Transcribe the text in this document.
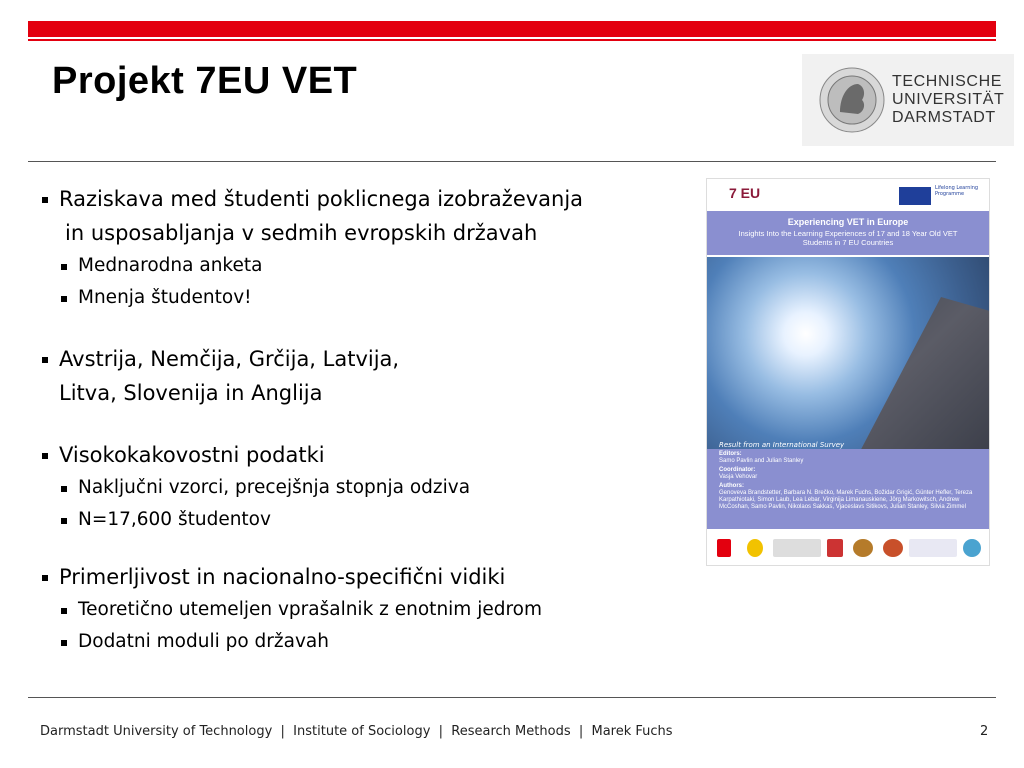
Projekt 7EU VET	TECHNISCHE
UNIVERSITÄT
DARMSTADT
Raziskava med študenti poklicnega izobraževanja
in usposabljanja v sedmih evropskih državah
Mednarodna anketa
Mnenja študentov!
Avstrija, Nemčija, Grčija, Latvija,
Litva, Slovenija in Anglija
Visokokakovostni podatki
Naključni vzorci, precejšnja stopnja odziva
N=17,600 študentov
Primerljivost in nacionalno-specifični vidiki
Teoretično utemeljen vprašalnik z enotnim jedrom
Dodatni moduli po državah
7 EU	Lifelong Learning Programme
Experiencing VET in Europe
Insights Into the Learning Experiences of 17 and 18 Year Old VET Students in 7 EU Countries
Result from an International Survey
Editors:
Samo Pavlin and Julian Stanley
Coordinator:
Vasja Vehovar
Authors:
Genoveva Brandstetter, Barbara N. Brečko, Marek Fuchs, Božidar Grigić, Günter Hefler, Tereza Karpathiotaki, Simon Laub, Lea Lebar, Virginija Limanauskiene, Jörg Markowitsch, Andrew McCoshan, Samo Pavlin, Nikolaos Sakkas, Vjaceslavs Sitikovs, Julian Stanley, Silvia Zimmel
Darmstadt University of Technology  |  Institute of Sociology  |  Research Methods  |  Marek Fuchs	2
